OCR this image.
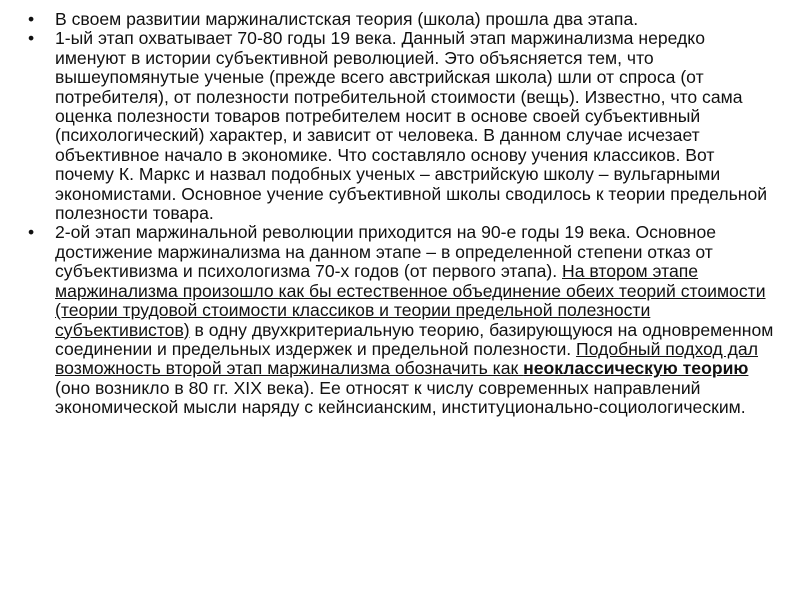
•	В своем развитии маржиналистская теория (школа) прошла два этапа.
•	1-ый этап охватывает 70-80 годы 19 века. Данный этап маржинализма нередко именуют в истории субъективной революцией. Это объясняется тем, что вышеупомянутые ученые (прежде всего австрийская школа) шли от спроса (от потребителя), от полезности потребительной стоимости (вещь). Известно, что сама оценка полезности товаров потребителем носит в основе своей субъективный (психологический) характер, и зависит от человека. В данном случае исчезает объективное начало в экономике. Что составляло основу учения классиков. Вот почему К. Маркс и назвал подобных ученых – австрийскую школу – вульгарными экономистами. Основное учение субъективной школы сводилось к теории предельной полезности товара.
•	2-ой этап маржинальной революции приходится на 90-е годы 19 века. Основное достижение маржинализма на данном этапе – в определенной степени отказ от субъективизма и психологизма 70-х годов (от первого этапа). На втором этапе маржинализма произошло как бы естественное объединение обеих теорий стоимости (теории трудовой стоимости классиков и теории предельной полезности субъективистов) в одну двухкритериальную теорию, базирующуюся на одновременном соединении и предельных издержек и предельной полезности. Подобный подход дал возможность второй этап маржинализма обозначить как неоклассическую теорию (оно возникло в 80 гг. XIX века). Ее относят к числу современных направлений экономической мысли наряду с кейнсианским, институционально-социологическим.
